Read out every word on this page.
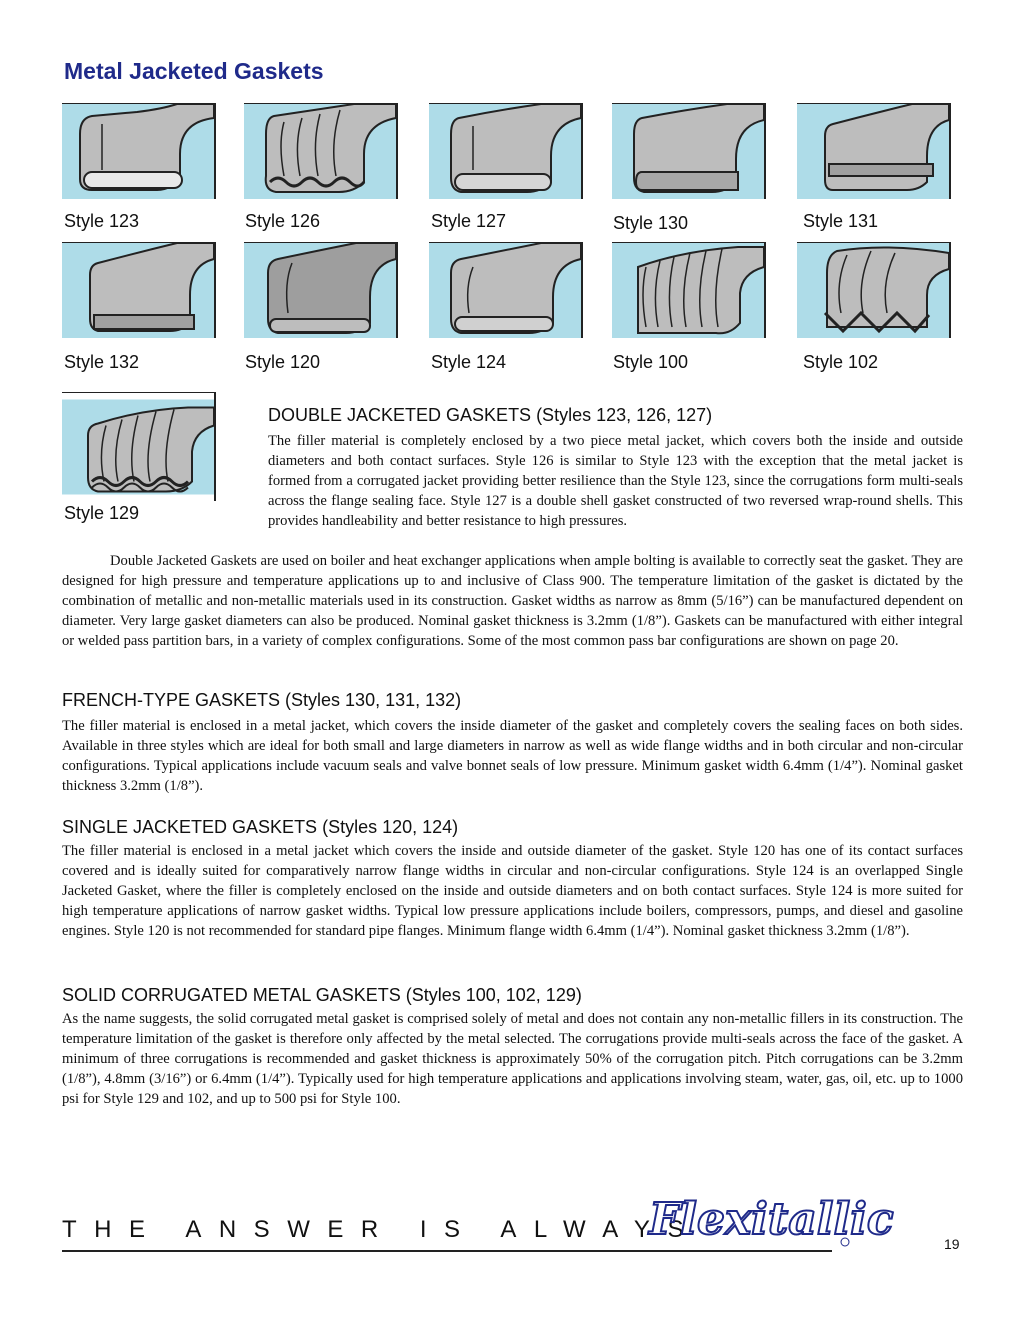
Metal Jacketed Gaskets
Style 123	Style 126	Style 127	Style 130	Style 131
Style 132	Style 120	Style 124	Style 100	Style 102
Style 129
DOUBLE JACKETED GASKETS (Styles 123, 126, 127)
The filler material is completely enclosed by a two piece metal jacket, which covers both the inside and outside diameters and both contact surfaces. Style 126 is similar to Style 123 with the exception that the metal jacket is formed from a corrugated jacket providing better resilience than the Style 123, since the corrugations form multi-seals across the flange sealing face. Style 127 is a double shell gasket constructed of two reversed wrap-round shells. This provides handleability and better resistance to high pressures.
Double Jacketed Gaskets are used on boiler and heat exchanger applications when ample bolting is available to correctly seat the gasket. They are designed for high pressure and temperature applications up to and inclusive of Class 900. The temperature limitation of the gasket is dictated by the combination of metallic and non-metallic materials used in its construction. Gasket widths as narrow as 8mm (5/16”) can be manufactured dependent on diameter. Very large gasket diameters can also be produced. Nominal gasket thickness is 3.2mm (1/8”). Gaskets can be manufactured with either integral or welded pass partition bars, in a variety of complex configurations. Some of the most common pass bar configurations are shown on page 20.
FRENCH-TYPE GASKETS (Styles 130, 131, 132)
The filler material is enclosed in a metal jacket, which covers the inside diameter of the gasket and completely covers the sealing faces on both sides. Available in three styles which are ideal for both small and large diameters in narrow as well as wide flange widths and in both circular and non-circular configurations. Typical applications include vacuum seals and valve bonnet seals of low pressure. Minimum gasket width 6.4mm (1/4”). Nominal gasket thickness 3.2mm (1/8”).
SINGLE JACKETED GASKETS (Styles 120, 124)
The filler material is enclosed in a metal jacket which covers the inside and outside diameter of the gasket. Style 120 has one of its contact surfaces covered and is ideally suited for comparatively narrow flange widths in circular and non-circular configurations. Style 124 is an overlapped Single Jacketed Gasket, where the filler is completely enclosed on the inside and outside diameters and on both contact surfaces. Style 124 is more suited for high temperature applications of narrow gasket widths. Typical low pressure applications include boilers, compressors, pumps, and diesel and gasoline engines. Style 120 is not recommended for standard pipe flanges. Minimum flange width 6.4mm (1/4”). Nominal gasket thickness 3.2mm (1/8”).
SOLID CORRUGATED METAL GASKETS (Styles 100, 102, 129)
As the name suggests, the solid corrugated metal gasket is comprised solely of metal and does not contain any non-metallic fillers in its construction. The temperature limitation of the gasket is therefore only affected by the metal selected. The corrugations provide multi-seals across the face of the gasket. A minimum of three corrugations is recommended and gasket thickness is approximately 50% of the corrugation pitch. Pitch corrugations can be 3.2mm (1/8”), 4.8mm (3/16”) or 6.4mm (1/4”). Typically used for high temperature applications and applications involving steam, water, gas, oil, etc. up to 1000 psi for Style 129 and 102, and up to 500 psi for Style 100.
THE ANSWER IS ALWAYS
Flexitallic	19
